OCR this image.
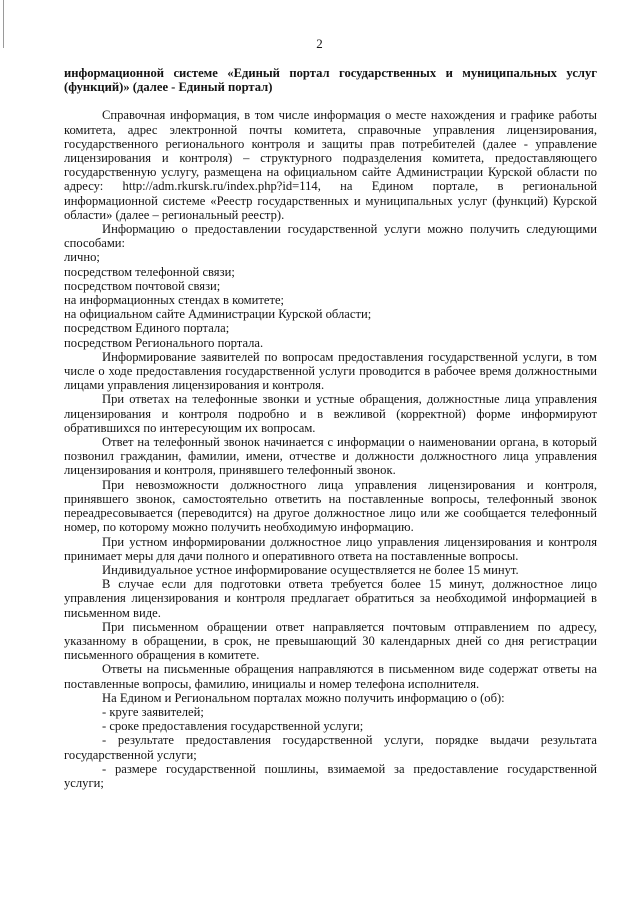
2

информационной системе «Единый портал государственных и муниципальных услуг (функций)» (далее - Единый портал)

Справочная информация, в том числе информация о месте нахождения и графике работы комитета, адрес электронной почты комитета, справочные управления лицензирования, государственного регионального контроля и защиты прав потребителей (далее - управление лицензирования и контроля) – структурного подразделения комитета, предоставляющего государственную услугу, размещена на официальном сайте Администрации Курской области по адресу: http://adm.rkursk.ru/index.php?id=114, на Едином портале, в региональной информационной системе «Реестр государственных и муниципальных услуг (функций) Курской области» (далее – региональный реестр).

Информацию о предоставлении государственной услуги можно получить следующими способами:

лично;

посредством телефонной связи;

посредством почтовой связи;

на информационных стендах в комитете;

на официальном сайте Администрации Курской области;

посредством Единого портала;

посредством Регионального портала.

Информирование заявителей по вопросам предоставления государственной услуги, в том числе о ходе предоставления государственной услуги проводится в рабочее время должностными лицами управления лицензирования и контроля.

При ответах на телефонные звонки и устные обращения, должностные лица управления лицензирования и контроля подробно и в вежливой (корректной) форме информируют обратившихся по интересующим их вопросам.

Ответ на телефонный звонок начинается с информации о наименовании органа, в который позвонил гражданин, фамилии, имени, отчестве и должности должностного лица управления лицензирования и контроля, принявшего телефонный звонок.

При невозможности должностного лица управления лицензирования и контроля, принявшего звонок, самостоятельно ответить на поставленные вопросы, телефонный звонок переадресовывается (переводится) на другое должностное лицо или же сообщается телефонный номер, по которому можно получить необходимую информацию.

При устном информировании должностное лицо управления лицензирования и контроля принимает меры для дачи полного и оперативного ответа на поставленные вопросы.

Индивидуальное устное информирование осуществляется не более 15 минут.

В случае если для подготовки ответа требуется более 15 минут, должностное лицо управления лицензирования и контроля предлагает обратиться за необходимой информацией в письменном виде.

При письменном обращении ответ направляется почтовым отправлением по адресу, указанному в обращении, в срок, не превышающий 30 календарных дней со дня регистрации письменного обращения в комитете.

Ответы на письменные обращения направляются в письменном виде содержат ответы на поставленные вопросы, фамилию, инициалы и номер телефона исполнителя.

На Едином и Региональном порталах можно получить информацию о (об):

- круге заявителей;

- сроке предоставления государственной услуги;

- результате предоставления государственной услуги, порядке выдачи результата государственной услуги;

- размере государственной пошлины, взимаемой за предоставление государственной услуги;
